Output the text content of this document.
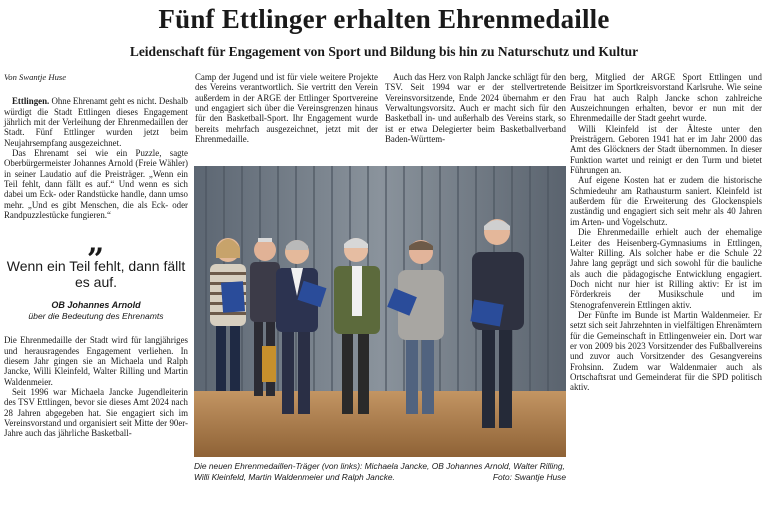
Fünf Ettlinger erhalten Ehrenmedaille
Leidenschaft für Engagement von Sport und Bildung bis hin zu Naturschutz und Kultur

Von Swantje Huse

Ettlingen. Ohne Ehrenamt geht es nicht. Deshalb würdigt die Stadt Ettlingen dieses Engagement jährlich mit der Verleihung der Ehrenmedaillen der Stadt. Fünf Ettlinger wurden jetzt beim Neujahrsempfang ausgezeichnet.

Das Ehrenamt sei wie ein Puzzle, sagte Oberbürgermeister Johannes Arnold (Freie Wähler) in seiner Laudatio auf die Preisträger. „Wenn ein Teil fehlt, dann fällt es auf.“ Und wenn es sich dabei um Eck- oder Randstücke handle, dann umso mehr. „Und es gibt Menschen, die als Eck- oder Randpuzzlestücke fungieren.“

„
Wenn ein Teil fehlt, dann fällt es auf.
OB Johannes Arnold
über die Bedeutung des Ehrenamts

Die Ehrenmedaille der Stadt wird für langjähriges und herausragendes Engagement verliehen. In diesem Jahr gingen sie an Michaela und Ralph Jancke, Willi Kleinfeld, Walter Rilling und Martin Waldenmeier.

Seit 1996 war Michaela Jancke Jugendleiterin des TSV Ettlingen, bevor sie dieses Amt 2024 nach 28 Jahren abgegeben hat. Sie engagiert sich im Vereinsvorstand und organisiert seit Mitte der 90er-Jahre auch das jährliche Basketball-

Camp der Jugend und ist für viele weitere Projekte des Vereins verantwortlich. Sie vertritt den Verein außerdem in der ARGE der Ettlinger Sportvereine und engagiert sich über die Vereinsgrenzen hinaus für den Basketball-Sport. Ihr Engagement wurde bereits mehrfach ausgezeichnet, jetzt mit der Ehrenmedaille.

Auch das Herz von Ralph Jancke schlägt für den TSV. Seit 1994 war er der stellvertretende Vereinsvorsitzende, Ende 2024 übernahm er den Verwaltungsvorsitz. Auch er macht sich für den Basketball in- und außerhalb des Vereins stark, so ist er etwa Delegierter beim Basketballverband Baden-Württem-

berg, Mitglied der ARGE Sport Ettlingen und Beisitzer im Sportkreisvorstand Karlsruhe. Wie seine Frau hat auch Ralph Jancke schon zahlreiche Auszeichnungen erhalten, bevor er nun mit der Ehrenmedaille der Stadt geehrt wurde.

Willi Kleinfeld ist der Älteste unter den Preisträgern. Geboren 1941 hat er im Jahr 2000 das Amt des Glöckners der Stadt übernommen. In dieser Funktion wartet und reinigt er den Turm und bietet Führungen an.

Auf eigene Kosten hat er zudem die historische Schmiedeuhr am Rathausturm saniert. Kleinfeld ist außerdem für die Erweiterung des Glockenspiels zuständig und engagiert sich seit mehr als 40 Jahren im Arten- und Vogelschutz.

Die Ehrenmedaille erhielt auch der ehemalige Leiter des Heisenberg-Gymnasiums in Ettlingen, Walter Rilling. Als solcher habe er die Schule 22 Jahre lang geprägt und sich sowohl für die bauliche als auch die pädagogische Entwicklung engagiert. Doch nicht nur hier ist Rilling aktiv: Er ist im Förderkreis der Musikschule und im Stenografenverein Ettlingen aktiv.

Der Fünfte im Bunde ist Martin Waldenmeier. Er setzt sich seit Jahrzehnten in vielfältigen Ehrenämtern für die Gemeinschaft in Ettlingenweier ein. Dort war er von 2009 bis 2023 Vorsitzender des Fußballvereins und zuvor auch Vorsitzender des Gesangvereins Frohsinn. Zudem war Waldenmaier auch als Ortschaftsrat und Gemeinderat für die SPD politisch aktiv.

Die neuen Ehrenmedaillen-Träger (von links): Michaela Jancke, OB Johannes Arnold, Walter Rilling, Willi Kleinfeld, Martin Waldenmeier und Ralph Jancke.	Foto: Swantje Huse
